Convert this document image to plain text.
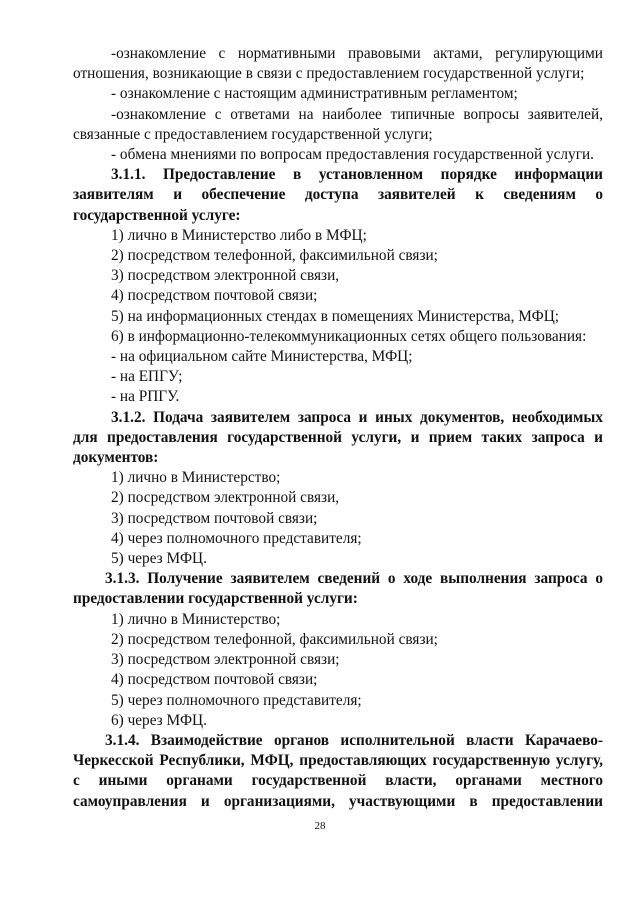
-ознакомление с нормативными правовыми актами, регулирующими отношения, возникающие в связи с предоставлением государственной услуги;

- ознакомление с настоящим административным регламентом;

-ознакомление с ответами на наиболее типичные вопросы заявителей, связанные с предоставлением государственной услуги;

- обмена мнениями по вопросам предоставления государственной услуги.

3.1.1. Предоставление в установленном порядке информации заявителям и обеспечение доступа заявителей к сведениям о государственной услуге:

1) лично в Министерство либо в МФЦ;

2) посредством телефонной, факсимильной связи;

3) посредством электронной связи,

4) посредством почтовой связи;

5) на информационных стендах в помещениях Министерства, МФЦ;

6) в информационно-телекоммуникационных сетях общего пользования:

- на официальном сайте Министерства, МФЦ;

- на ЕПГУ;

- на РПГУ.

3.1.2. Подача заявителем запроса и иных документов, необходимых для предоставления государственной услуги, и прием таких запроса и документов:

1) лично в Министерство;

2) посредством электронной связи,

3) посредством почтовой связи;

4) через полномочного представителя;

5) через МФЦ.

3.1.3. Получение заявителем сведений о ходе выполнения запроса о предоставлении государственной услуги:

1) лично в Министерство;

2) посредством телефонной, факсимильной связи;

3) посредством электронной связи;

4) посредством почтовой связи;

5) через полномочного представителя;

6) через МФЦ.

3.1.4. Взаимодействие органов исполнительной власти Карачаево-Черкесской Республики, МФЦ, предоставляющих государственную услугу, с иными органами государственной власти, органами местного самоуправления и организациями, участвующими в предоставлении

28
